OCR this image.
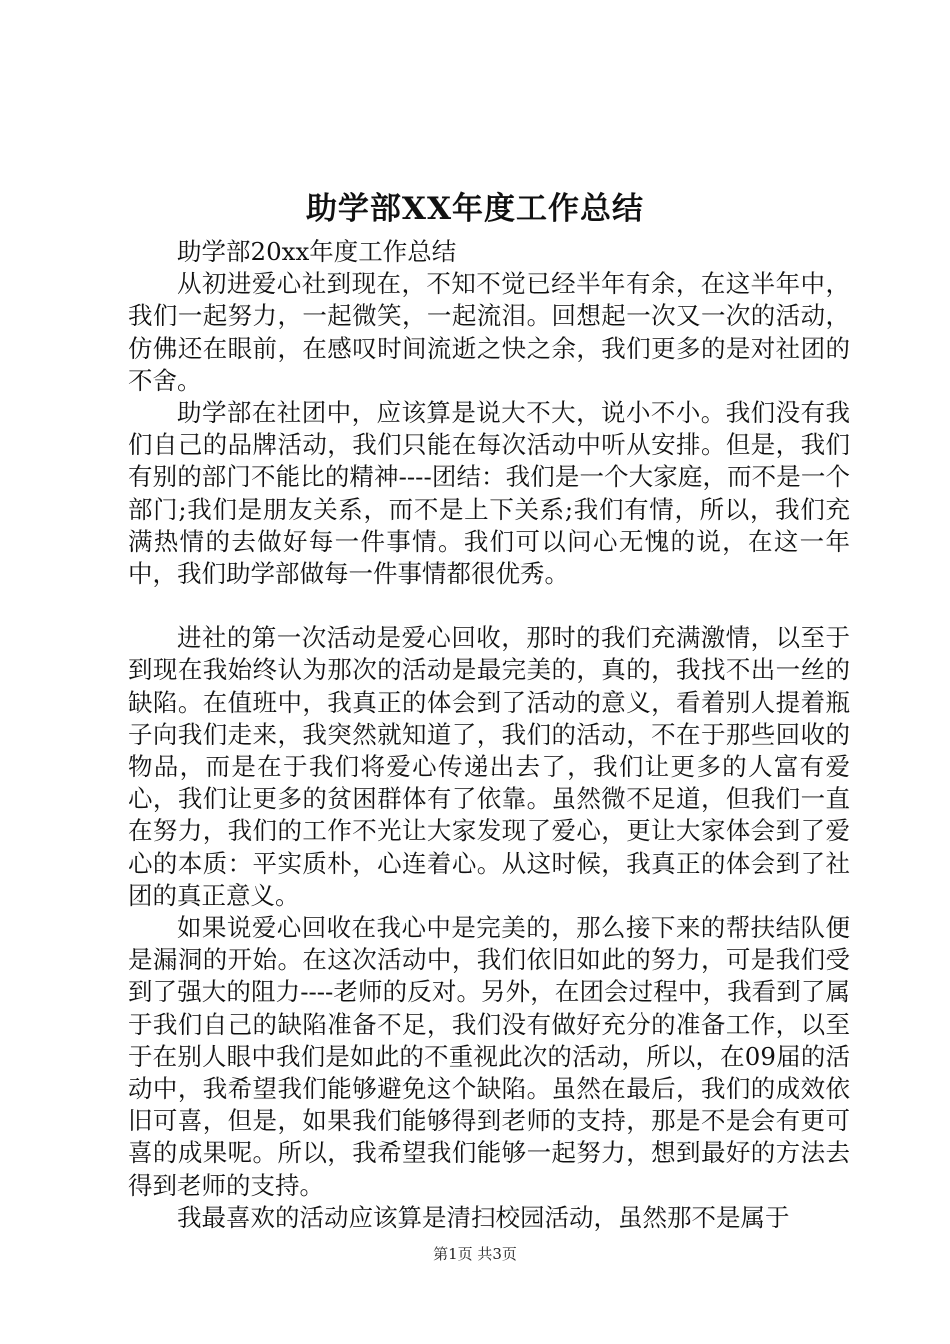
助学部XX年度工作总结

助学部20xx年度工作总结

从初进爱心社到现在，不知不觉已经半年有余，在这半年中，我们一起努力，一起微笑，一起流泪。回想起一次又一次的活动，仿佛还在眼前，在感叹时间流逝之快之余，我们更多的是对社团的不舍。

助学部在社团中，应该算是说大不大，说小不小。我们没有我们自己的品牌活动，我们只能在每次活动中听从安排。但是，我们有别的部门不能比的精神----团结：我们是一个大家庭，而不是一个部门;我们是朋友关系，而不是上下关系;我们有情，所以，我们充满热情的去做好每一件事情。我们可以问心无愧的说，在这一年中，我们助学部做每一件事情都很优秀。

进社的第一次活动是爱心回收，那时的我们充满激情，以至于到现在我始终认为那次的活动是最完美的，真的，我找不出一丝的缺陷。在值班中，我真正的体会到了活动的意义，看着别人提着瓶子向我们走来，我突然就知道了，我们的活动，不在于那些回收的物品，而是在于我们将爱心传递出去了，我们让更多的人富有爱心，我们让更多的贫困群体有了依靠。虽然微不足道，但我们一直在努力，我们的工作不光让大家发现了爱心，更让大家体会到了爱心的本质：平实质朴，心连着心。从这时候，我真正的体会到了社团的真正意义。

如果说爱心回收在我心中是完美的，那么接下来的帮扶结队便是漏洞的开始。在这次活动中，我们依旧如此的努力，可是我们受到了强大的阻力----老师的反对。另外，在团会过程中，我看到了属于我们自己的缺陷准备不足，我们没有做好充分的准备工作，以至于在别人眼中我们是如此的不重视此次的活动，所以，在09届的活动中，我希望我们能够避免这个缺陷。虽然在最后，我们的成效依旧可喜，但是，如果我们能够得到老师的支持，那是不是会有更可喜的成果呢。所以，我希望我们能够一起努力，想到最好的方法去得到老师的支持。

我最喜欢的活动应该算是清扫校园活动，虽然那不是属于

第1页 共3页
